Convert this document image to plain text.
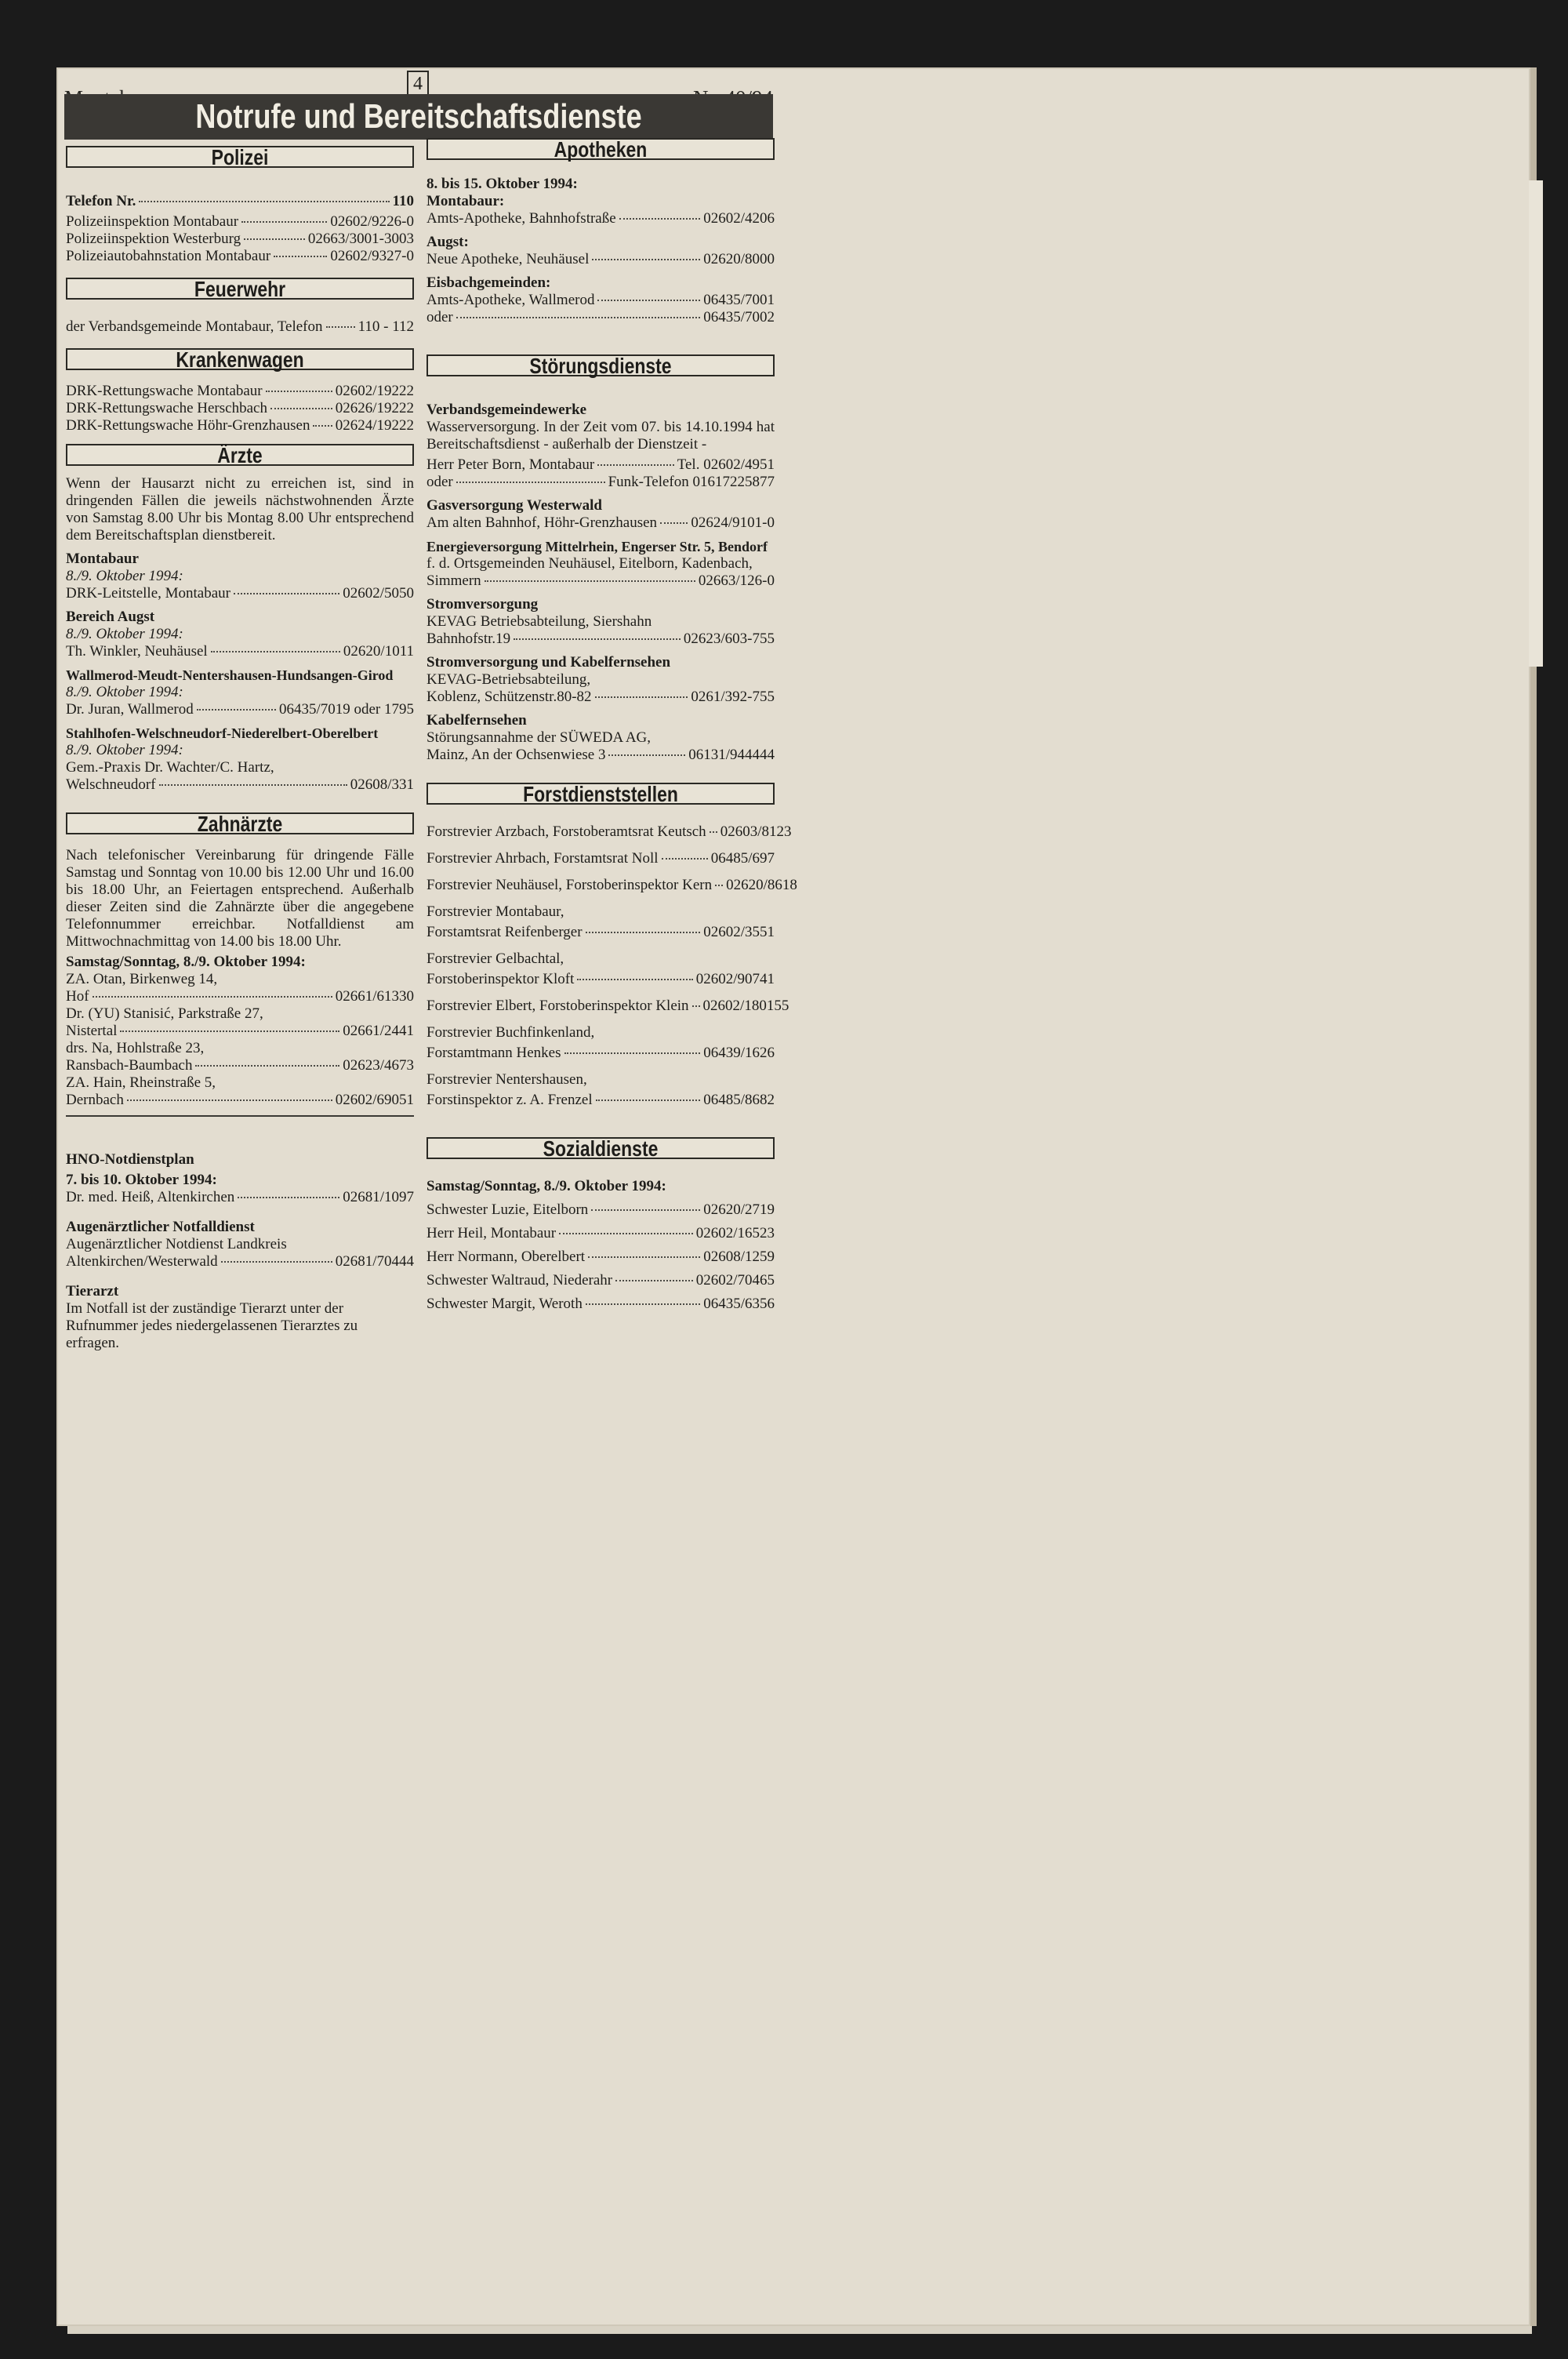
4
Notrufe und Bereitschaftsdienste
Polizei
Telefon Nr.	110
Polizeiinspektion Montabaur	02602/9226-0
Polizeiinspektion Westerburg	02663/3001-3003
Polizeiautobahnstation Montabaur	02602/9327-0
Feuerwehr
der Verbandsgemeinde Montabaur, Telefon 110 - 112
Krankenwagen
DRK-Rettungswache Montabaur	02602/19222
DRK-Rettungswache Herschbach	02626/19222
DRK-Rettungswache Höhr-Grenzhausen 02624/19222
Ärzte

Wenn der Hausarzt nicht zu erreichen ist, sind in dringenden Fällen die jeweils nächstwohnenden Ärzte von Samstag 8.00 Uhr bis Montag 8.00 Uhr entsprechend dem Bereitschaftsplan dienstbereit.

Montabaur
8./9. Oktober 1994:
DRK-Leitstelle, Montabaur	02602/5050
Bereich Augst
8./9. Oktober 1994:
Th. Winkler, Neuhäusel	02620/1011
Wallmerod-Meudt-Nentershausen-Hundsangen-Girod
8./9. Oktober 1994:
Dr. Juran, Wallmerod	06435/7019 oder 1795
Stahlhofen-Welschneudorf-Niederelbert-Oberelbert
8./9. Oktober 1994:
Gem.-Praxis Dr. Wachter/C. Hartz,
Welschneudorf	02608/331
Zahnärzte

Nach telefonischer Vereinbarung für dringende Fälle Samstag und Sonntag von 10.00 bis 12.00 Uhr und 16.00 bis 18.00 Uhr, an Feiertagen entsprechend. Außerhalb dieser Zeiten sind die Zahnärzte über die angegebene Telefonnummer erreichbar. Notfalldienst am Mittwochnachmittag von 14.00 bis 18.00 Uhr.

Samstag/Sonntag, 8./9. Oktober 1994:
ZA. Otan, Birkenweg 14,
Hof	02661/61330
Dr. (YU) Stanisić, Parkstraße 27,
Nistertal	02661/2441
drs. Na, Hohlstraße 23,
Ransbach-Baumbach	02623/4673
ZA. Hain, Rheinstraße 5,
Dernbach	02602/69051
HNO-Notdienstplan
7. bis 10. Oktober 1994:
Dr. med. Heiß, Altenkirchen	02681/1097
Augenärztlicher Notfalldienst
Augenärztlicher Notdienst Landkreis
Altenkirchen/Westerwald	02681/70444
Tierarzt

Im Notfall ist der zuständige Tierarzt unter der Rufnummer jedes niedergelassenen Tierarztes zu erfragen.

Apotheken
8. bis 15. Oktober 1994:
Montabaur:
Amts-Apotheke, Bahnhofstraße	02602/4206
Augst:
Neue Apotheke, Neuhäusel	02620/8000
Eisbachgemeinden:
Amts-Apotheke, Wallmerod	06435/7001
oder	06435/7002
Störungsdienste
Verbandsgemeindewerke

Wasserversorgung. In der Zeit vom 07. bis 14.10.1994 hat Bereitschaftsdienst - außerhalb der Dienstzeit -

Herr Peter Born, Montabaur	Tel. 02602/4951
oder	Funk-Telefon 01617225877
Gasversorgung Westerwald
Am alten Bahnhof, Höhr-Grenzhausen 02624/9101-0
Energieversorgung Mittelrhein, Engerser Str. 5, Bendorf
f. d. Ortsgemeinden Neuhäusel, Eitelborn, Kadenbach,
Simmern	02663/126-0
Stromversorgung
KEVAG Betriebsabteilung, Siershahn
Bahnhofstr.19	02623/603-755
Stromversorgung und Kabelfernsehen
KEVAG-Betriebsabteilung,
Koblenz, Schützenstr.80-82	0261/392-755
Kabelfernsehen
Störungsannahme der SÜWEDA AG,
Mainz, An der Ochsenwiese 3	06131/944444
Forstdienststellen
Forstrevier Arzbach, Forstoberamtsrat Keutsch 02603/8123
Forstrevier Ahrbach, Forstamtsrat Noll	06485/697
Forstrevier Neuhäusel, Forstoberinspektor Kern 02620/8618
Forstrevier Montabaur,
Forstamtsrat Reifenberger	02602/3551
Forstrevier Gelbachtal,
Forstoberinspektor Kloft	02602/90741
Forstrevier Elbert, Forstoberinspektor Klein 02602/180155
Forstrevier Buchfinkenland,
Forstamtmann Henkes	06439/1626
Forstrevier Nentershausen,
Forstinspektor z. A. Frenzel	06485/8682
Sozialdienste
Samstag/Sonntag, 8./9. Oktober 1994:
Schwester Luzie, Eitelborn	02620/2719
Herr Heil, Montabaur	02602/16523
Herr Normann, Oberelbert	02608/1259
Schwester Waltraud, Niederahr	02602/70465
Schwester Margit, Weroth	06435/6356
